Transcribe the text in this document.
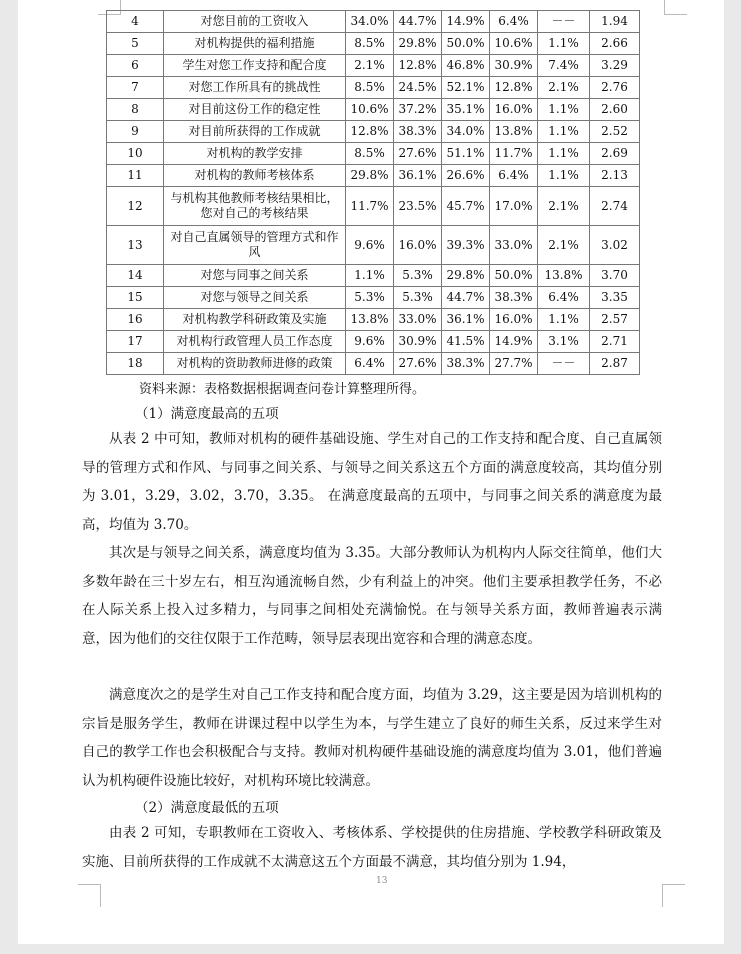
4	对您目前的工资收入	34.0%	44.7%	14.9%	6.4%	－－	1.94
5	对机构提供的福利措施	8.5%	29.8%	50.0%	10.6%	1.1%	2.66
6	学生对您工作支持和配合度	2.1%	12.8%	46.8%	30.9%	7.4%	3.29
7	对您工作所具有的挑战性	8.5%	24.5%	52.1%	12.8%	2.1%	2.76
8	对目前这份工作的稳定性	10.6%	37.2%	35.1%	16.0%	1.1%	2.60
9	对目前所获得的工作成就	12.8%	38.3%	34.0%	13.8%	1.1%	2.52
10	对机构的教学安排	8.5%	27.6%	51.1%	11.7%	1.1%	2.69
11	对机构的教师考核体系	29.8%	36.1%	26.6%	6.4%	1.1%	2.13
12	与机构其他教师考核结果相比，您对自己的考核结果	11.7%	23.5%	45.7%	17.0%	2.1%	2.74
13	对自己直属领导的管理方式和作风	9.6%	16.0%	39.3%	33.0%	2.1%	3.02
14	对您与同事之间关系	1.1%	5.3%	29.8%	50.0%	13.8%	3.70
15	对您与领导之间关系	5.3%	5.3%	44.7%	38.3%	6.4%	3.35
16	对机构教学科研政策及实施	13.8%	33.0%	36.1%	16.0%	1.1%	2.57
17	对机构行政管理人员工作态度	9.6%	30.9%	41.5%	14.9%	3.1%	2.71
18	对机构的资助教师进修的政策	6.4%	27.6%	38.3%	27.7%	－－	2.87
资料来源：表格数据根据调查问卷计算整理所得。
（1）满意度最高的五项
从表 2 中可知，教师对机构的硬件基础设施、学生对自己的工作支持和配合度、自己直属领导的管理方式和作风、与同事之间关系、与领导之间关系这五个方面的满意度较高，其均值分别为 3.01，3.29，3.02，3.70，3.35。 在满意度最高的五项中，与同事之间关系的满意度为最高，均值为 3.70。
其次是与领导之间关系，满意度均值为 3.35。大部分教师认为机构内人际交往简单，他们大多数年龄在三十岁左右，相互沟通流畅自然，少有利益上的冲突。他们主要承担教学任务，不必在人际关系上投入过多精力，与同事之间相处充满愉悦。在与领导关系方面，教师普遍表示满意，因为他们的交往仅限于工作范畴，领导层表现出宽容和合理的满意态度。
满意度次之的是学生对自己工作支持和配合度方面，均值为 3.29，这主要是因为培训机构的宗旨是服务学生，教师在讲课过程中以学生为本，与学生建立了良好的师生关系，反过来学生对自己的教学工作也会积极配合与支持。教师对机构硬件基础设施的满意度均值为 3.01，他们普遍认为机构硬件设施比较好，对机构环境比较满意。
（2）满意度最低的五项
由表 2 可知，专职教师在工资收入、考核体系、学校提供的住房措施、学校教学科研政策及实施、目前所获得的工作成就不太满意这五个方面最不满意，其均值分别为 1.94，
13
